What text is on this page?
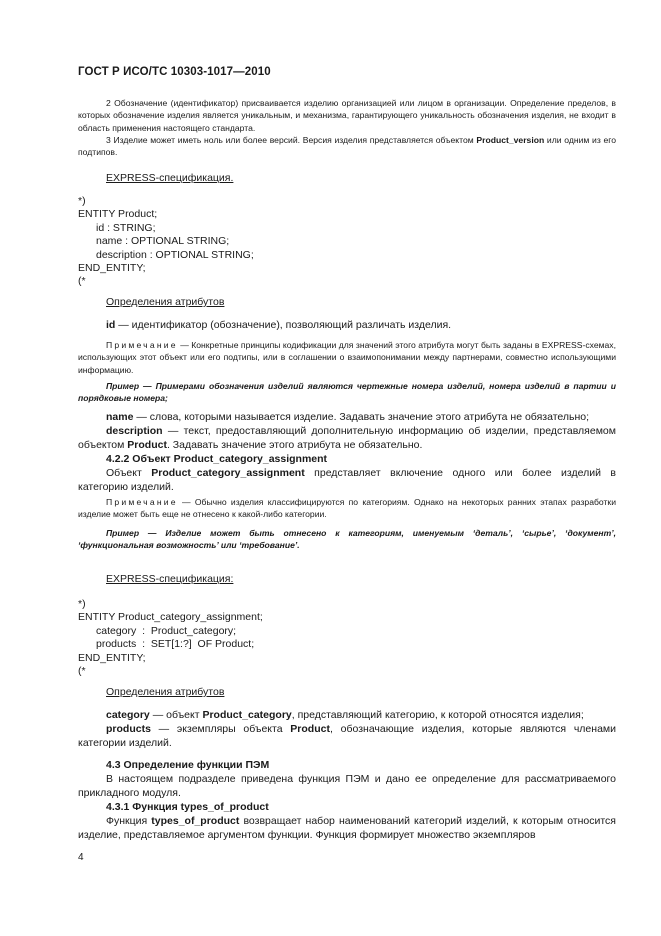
ГОСТ Р ИСО/ТС 10303-1017—2010

2 Обозначение (идентификатор) присваивается изделию организацией или лицом в организации. Определение пределов, в которых обозначение изделия является уникальным, и механизма, гарантирующего уникальность обозначения изделия, не входит в область применения настоящего стандарта.

3 Изделие может иметь ноль или более версий. Версия изделия представляется объектом Product_version или одним из его подтипов.

EXPRESS-спецификация.
*)
ENTITY Product;
id : STRING;
name : OPTIONAL STRING;
description : OPTIONAL STRING;
END_ENTITY;
(*
Определения атрибутов

id — идентификатор (обозначение), позволяющий различать изделия.

Примечание — Конкретные принципы кодификации для значений этого атрибута могут быть заданы в EXPRESS-схемах, использующих этот объект или его подтипы, или в соглашении о взаимопонимании между партнерами, совместно использующими информацию.

Пример — Примерами обозначения изделий являются чертежные номера изделий, номера изделий в партии и порядковые номера;

name — слова, которыми называется изделие. Задавать значение этого атрибута не обязательно;

description — текст, предоставляющий дополнительную информацию об изделии, представляемом объектом Product. Задавать значение этого атрибута не обязательно.

4.2.2 Объект Product_category_assignment

Объект Product_category_assignment представляет включение одного или более изделий в категорию изделий.

Примечание — Обычно изделия классифицируются по категориям. Однако на некоторых ранних этапах разработки изделие может быть еще не отнесено к какой-либо категории.

Пример — Изделие может быть отнесено к категориям, именуемым ‘деталь’, ‘сырье’, ‘документ’, ‘функциональная возможность’ или ‘требование’.

EXPRESS-спецификация:
*)
ENTITY Product_category_assignment;
category  :  Product_category;
products  :  SET[1:?]  OF Product;
END_ENTITY;
(*
Определения атрибутов

category — объект Product_category, представляющий категорию, к которой относятся изделия;

products — экземпляры объекта Product, обозначающие изделия, которые являются членами категории изделий.

4.3 Определение функции ПЭМ

В настоящем подразделе приведена функция ПЭМ и дано ее определение для рассматриваемого прикладного модуля.

4.3.1 Функция types_of_product

Функция types_of_product возвращает набор наименований категорий изделий, к которым относится изделие, представляемое аргументом функции. Функция формирует множество экземпляров

4
